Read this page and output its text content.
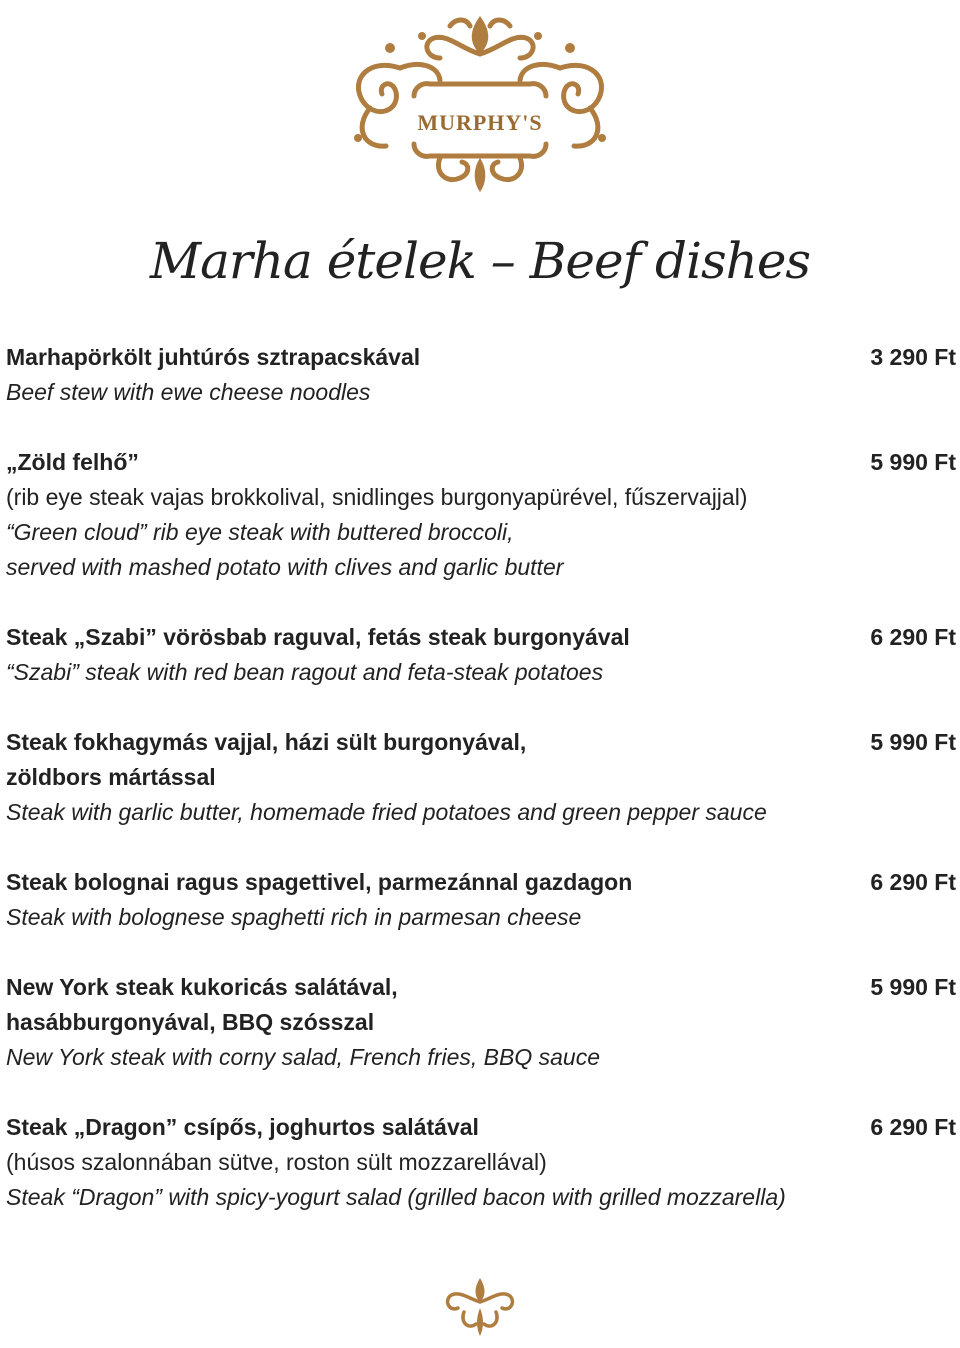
MURPHY'S
Marha ételek – Beef dishes
Marhapörkölt juhtúrós sztrapacskával
Beef stew with ewe cheese noodles
3 290 Ft
„Zöld felhő”
(rib eye steak vajas brokkolival, snidlinges burgonyapürével, fűszervajjal)
“Green cloud” rib eye steak with buttered broccoli,
served with mashed potato with clives and garlic butter
5 990 Ft
Steak „Szabi” vörösbab raguval, fetás steak burgonyával
“Szabi” steak with red bean ragout and feta-steak potatoes
6 290 Ft
Steak fokhagymás vajjal, házi sült burgonyával,
zöldbors mártással
Steak with garlic butter, homemade fried potatoes and green pepper sauce
5 990 Ft
Steak bolognai ragus spagettivel, parmezánnal gazdagon
Steak with bolognese spaghetti rich in parmesan cheese
6 290 Ft
New York steak kukoricás salátával,
hasábburgonyával, BBQ szósszal
New York steak with corny salad, French fries, BBQ sauce
5 990 Ft
Steak „Dragon” csípős, joghurtos salátával
(húsos szalonnában sütve, roston sült mozzarellával)
Steak “Dragon” with spicy-yogurt salad (grilled bacon with grilled mozzarella)
6 290 Ft
